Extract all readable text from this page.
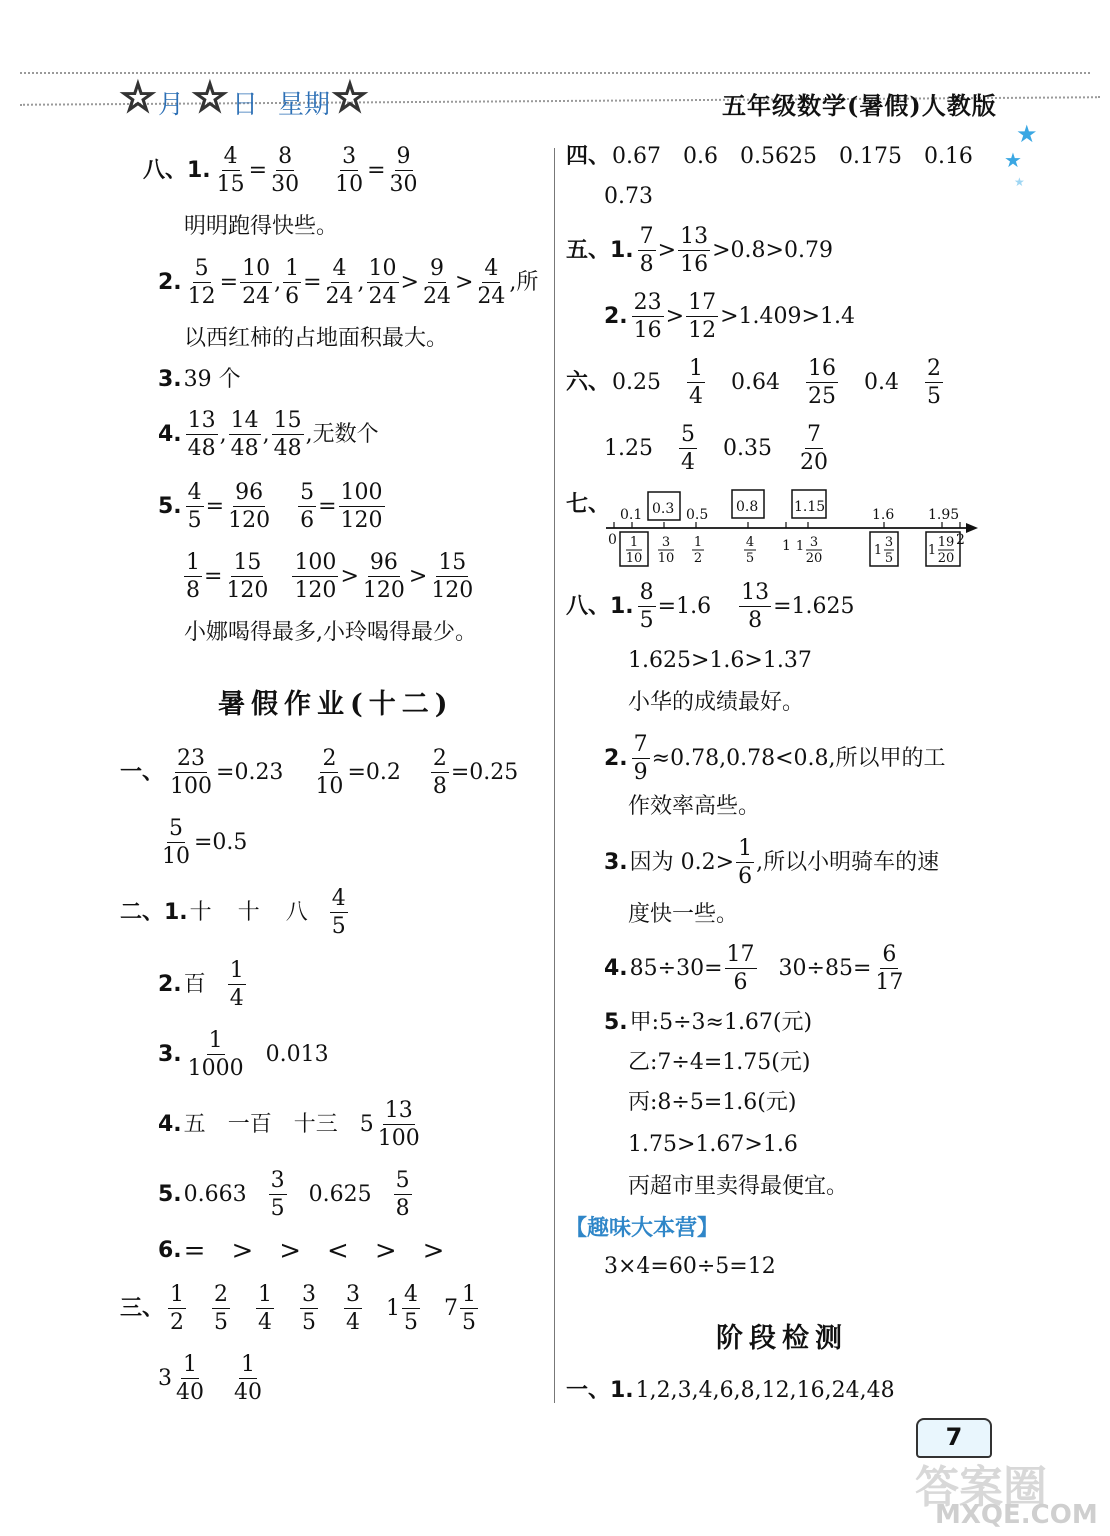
☆ 月 ☆ 日 星期 ☆	五年级数学(暑假)人教版
★
★
★
八、1. $\frac{4}{15} = \frac{8}{30} \frac{3}{10} = \frac{9}{30}$
明明跑得快些。
2. $\frac{5}{12} = \frac{10}{24}$ , $\frac{1}{6} = \frac{4}{24}$ , $\frac{10}{24} > \frac{9}{24} > \frac{4}{24}$ ,所
以西红柿的占地面积最大。
3. 39 个
4. $\frac{13}{48}$ , $\frac{14}{48}$ , $\frac{15}{48}$ ,无数个
5. $\frac{4}{5} = \frac{96}{120} \frac{5}{6} = \frac{100}{120}$
$\frac{1}{8} = \frac{15}{120} \frac{100}{120} > \frac{96}{120} > \frac{15}{120}$
小娜喝得最多,小玲喝得最少。
暑假作业(十二)
一、 $\frac{23}{100} =0.23 \frac{2}{10} =0.2 \frac{2}{8} =0.25$
$\frac{5}{10} =0.5$
二、1. 十 十 八 $\frac{4}{5}$
2. 百 $\frac{1}{4}$
3. $\frac{1}{1000} 0.013$
4. 五 一百 十三 $5 \frac{13}{100}$
5. $0.663 \frac{3}{5} 0.625 \frac{5}{8}$
6. =　>　>　<　>　>
三、 $\frac{1}{2} \frac{2}{5} \frac{1}{4} \frac{3}{5} \frac{3}{4} 1 \frac{4}{5} 7 \frac{1}{5}$
$3 \frac{1}{40} \frac{1}{40}$
四、 0.67　0.6　0.5625　0.175　0.16
0.73
五、1. $\frac{7}{8} > \frac{13}{16} >0.8>0.79$
2. $\frac{23}{16} > \frac{17}{12} >1.409>1.4$
六、 $0.25 \frac{1}{4} 0.64 \frac{16}{25} 0.4 \frac{2}{5}$
$1.25 \frac{5}{4} 0.35 \frac{7}{20}$
七、 0.1 0.3 0.5 0.8	1.15	1.6 1.95
0	1	2
1
10
3
10
1
2
4
5
1 3
20
1
3
5
1
19
20
八、1. $\frac{8}{5} =1.6 \frac{13}{8} =1.625$
1.625>1.6>1.37
小华的成绩最好。
2. $\frac{7}{9} \approx 0.78,0.78<0.8$,所以甲的工
作效率高些。
3. 因为 $0.2> \frac{1}{6}$ ,所以小明骑车的速
度快一些。
4. $85\div 30= \frac{17}{6} 30\div 85= \frac{6}{17}$
5. 甲:5÷3≈1.67(元)
乙:7÷4=1.75(元)
丙:8÷5=1.6(元)
1.75>1.67>1.6
丙超市里卖得最便宜。
【趣味大本营】
3×4=60÷5=12
阶段检测
一、1. 1,2,3,4,6,8,12,16,24,48
7
答案圈
MXQE.COM
